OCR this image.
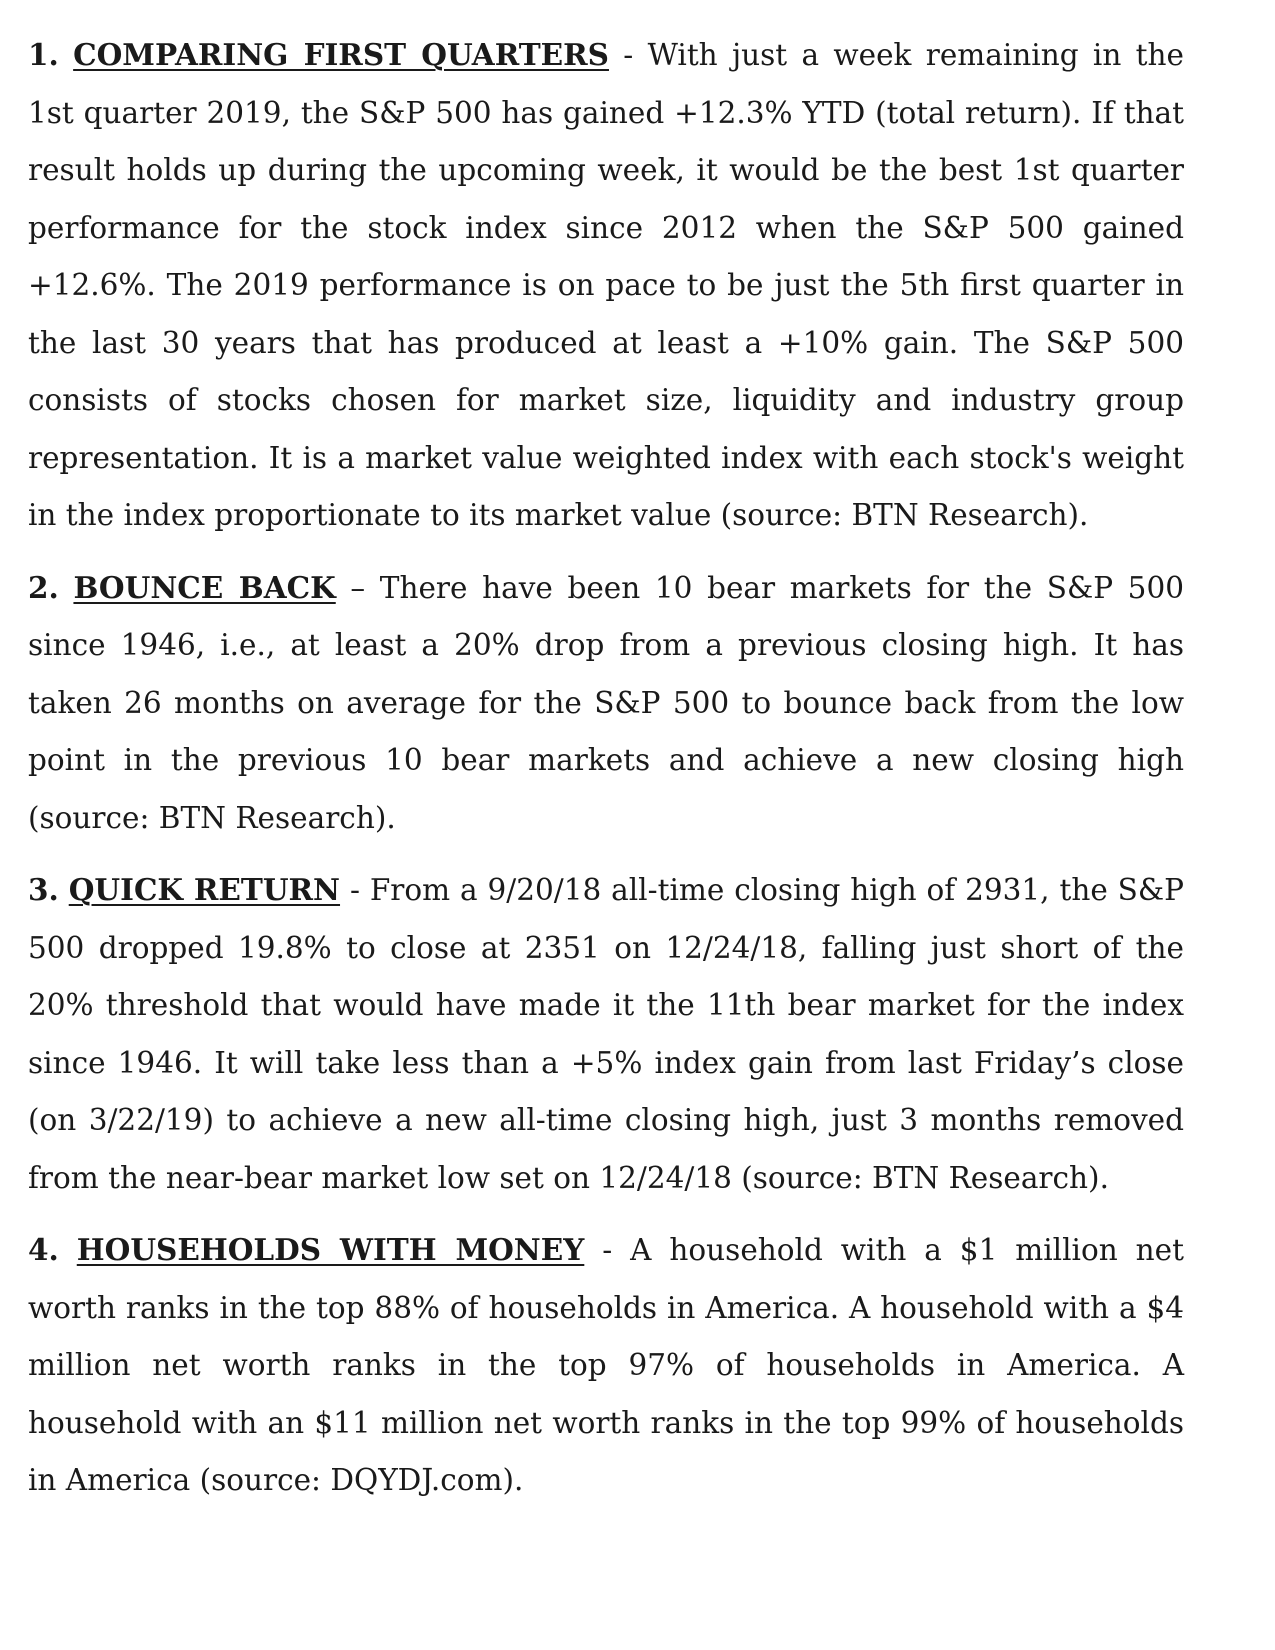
1. COMPARING FIRST QUARTERS - With just a week remaining in the 1st quarter 2019, the S&P 500 has gained +12.3% YTD (total return). If that result holds up during the upcoming week, it would be the best 1st quarter performance for the stock index since 2012 when the S&P 500 gained +12.6%. The 2019 performance is on pace to be just the 5th first quarter in the last 30 years that has produced at least a +10% gain. The S&P 500 consists of stocks chosen for market size, liquidity and industry group representation. It is a market value weighted index with each stock's weight in the index proportionate to its market value (source: BTN Research).

2. BOUNCE BACK – There have been 10 bear markets for the S&P 500 since 1946, i.e., at least a 20% drop from a previous closing high. It has taken 26 months on average for the S&P 500 to bounce back from the low point in the previous 10 bear markets and achieve a new closing high (source: BTN Research).

3. QUICK RETURN - From a 9/20/18 all-time closing high of 2931, the S&P 500 dropped 19.8% to close at 2351 on 12/24/18, falling just short of the 20% threshold that would have made it the 11th bear market for the index since 1946. It will take less than a +5% index gain from last Friday’s close (on 3/22/19) to achieve a new all-time closing high, just 3 months removed from the near-bear market low set on 12/24/18 (source: BTN Research).

4. HOUSEHOLDS WITH MONEY - A household with a $1 million net worth ranks in the top 88% of households in America. A household with a $4 million net worth ranks in the top 97% of households in America. A household with an $11 million net worth ranks in the top 99% of households in America (source: DQYDJ.com).
